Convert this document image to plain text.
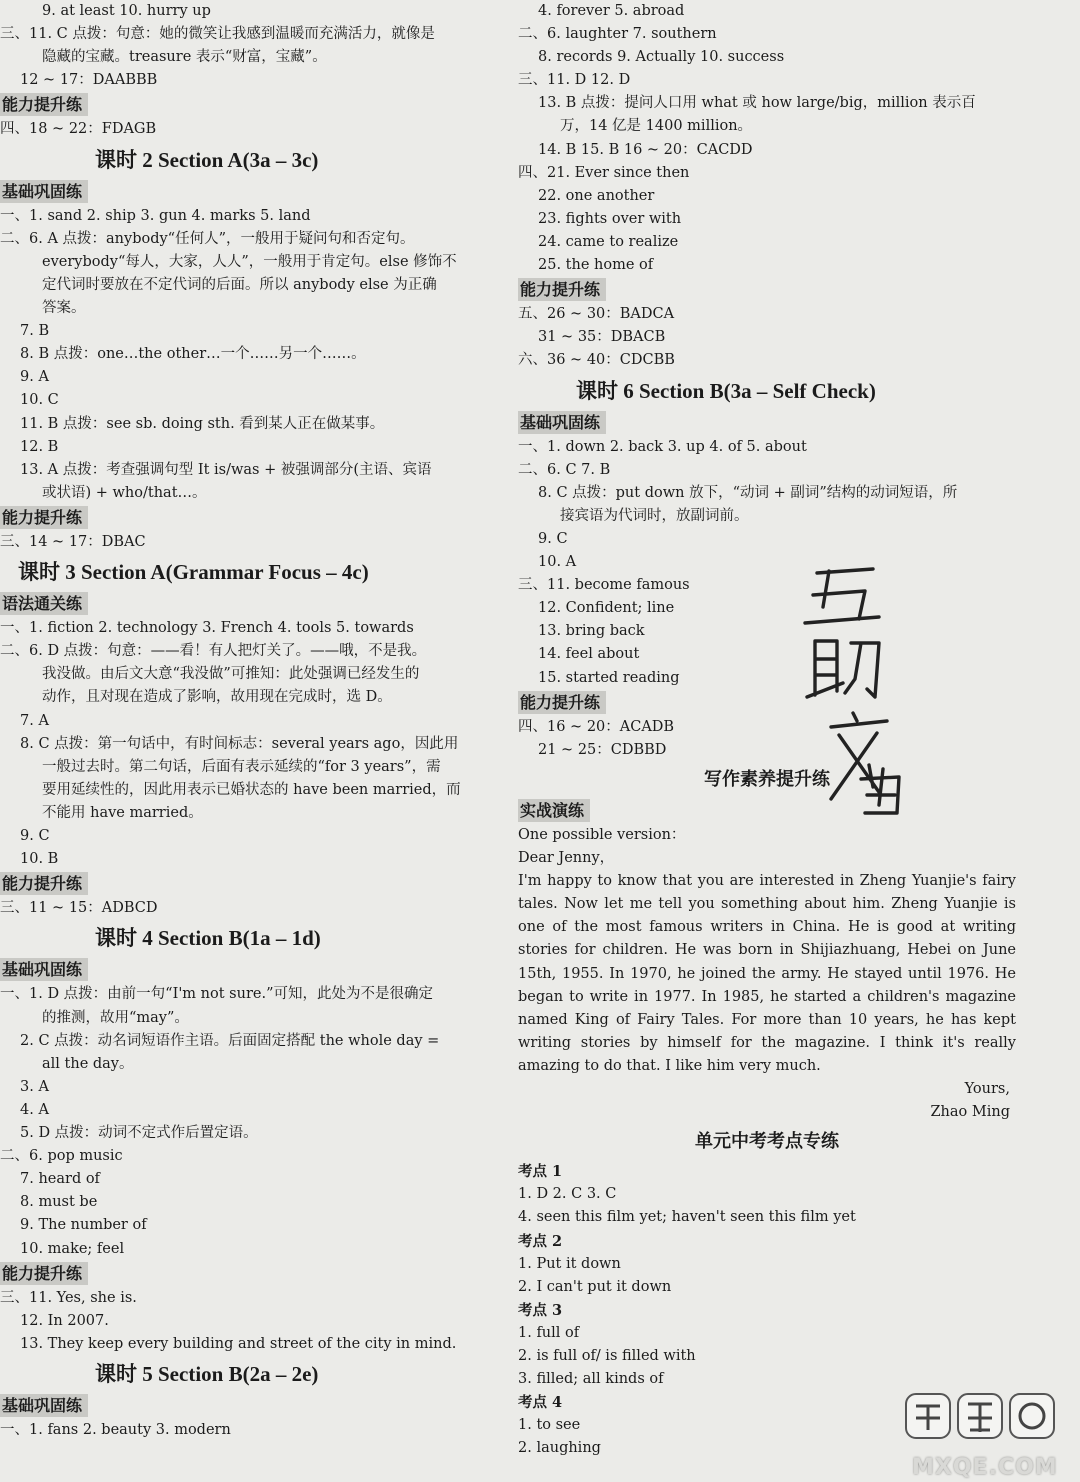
9. at least 10. hurry up
三、11. C 点拨：句意：她的微笑让我感到温暖而充满活力，就像是
隐藏的宝藏。treasure 表示“财富，宝藏”。
12 ~ 17：DAABBB
能力提升练
四、18 ~ 22：FDAGB
课时 2 Section A(3a – 3c)
基础巩固练
一、1. sand 2. ship 3. gun 4. marks 5. land
二、6. A 点拨：anybody“任何人”，一般用于疑问句和否定句。
everybody“每人，大家，人人”，一般用于肯定句。else 修饰不
定代词时要放在不定代词的后面。所以 anybody else 为正确
答案。
7. B
8. B 点拨：one…the other…一个……另一个……。
9. A
10. C
11. B 点拨：see sb. doing sth. 看到某人正在做某事。
12. B
13. A 点拨：考查强调句型 It is/was + 被强调部分(主语、宾语
或状语) + who/that…。
能力提升练
三、14 ~ 17：DBAC
课时 3 Section A(Grammar Focus – 4c)
语法通关练
一、1. fiction 2. technology 3. French 4. tools 5. towards
二、6. D 点拨：句意：——看！有人把灯关了。——哦，不是我。
我没做。由后文大意“我没做”可推知：此处强调已经发生的
动作，且对现在造成了影响，故用现在完成时，选 D。
7. A
8. C 点拨：第一句话中，有时间标志：several years ago，因此用
一般过去时。第二句话，后面有表示延续的“for 3 years”，需
要用延续性的，因此用表示已婚状态的 have been married，而
不能用 have married。
9. C
10. B
能力提升练
三、11 ~ 15：ADBCD
课时 4 Section B(1a – 1d)
基础巩固练
一、1. D 点拨：由前一句“I'm not sure.”可知，此处为不是很确定
的推测，故用“may”。
2. C 点拨：动名词短语作主语。后面固定搭配 the whole day =
all the day。
3. A
4. A
5. D 点拨：动词不定式作后置定语。
二、6. pop music
7. heard of
8. must be
9. The number of
10. make; feel
能力提升练
三、11. Yes, she is.
12. In 2007.
13. They keep every building and street of the city in mind.
课时 5 Section B(2a – 2e)
基础巩固练
一、1. fans 2. beauty 3. modern
4. forever 5. abroad
二、6. laughter 7. southern
8. records 9. Actually 10. success
三、11. D 12. D
13. B 点拨：提问人口用 what 或 how large/big，million 表示百
万，14 亿是 1400 million。
14. B 15. B 16 ~ 20：CACDD
四、21. Ever since then
22. one another
23. fights over with
24. came to realize
25. the home of
能力提升练
五、26 ~ 30：BADCA
31 ~ 35：DBACB
六、36 ~ 40：CDCBB
课时 6 Section B(3a – Self Check)
基础巩固练
一、1. down 2. back 3. up 4. of 5. about
二、6. C 7. B
8. C 点拨：put down 放下，“动词 + 副词”结构的动词短语，所
接宾语为代词时，放副词前。
9. C
10. A
三、11. become famous
12. Confident; line
13. bring back
14. feel about
15. started reading
能力提升练
四、16 ~ 20：ACADB
21 ~ 25：CDBBD
写作素养提升练
实战演练
One possible version：
Dear Jenny，
I'm happy to know that you are interested in Zheng Yuanjie's fairy tales. Now let me tell you something about him. Zheng Yuanjie is one of the most famous writers in China. He is good at writing stories for children. He was born in Shijiazhuang, Hebei on June 15th, 1955. In 1970, he joined the army. He stayed until 1976. He began to write in 1977. In 1985, he started a children's magazine named King of Fairy Tales. For more than 10 years, he has kept writing stories by himself for the magazine. I think it's really amazing to do that. I like him very much.
Yours,
Zhao Ming
单元中考考点专练
考点 1
1. D 2. C 3. C
4. seen this film yet; haven't seen this film yet
考点 2
1. Put it down
2. I can't put it down
考点 3
1. full of
2. is full of/ is filled with
3. filled; all kinds of
考点 4
1. to see
2. laughing
MXQE.COM
